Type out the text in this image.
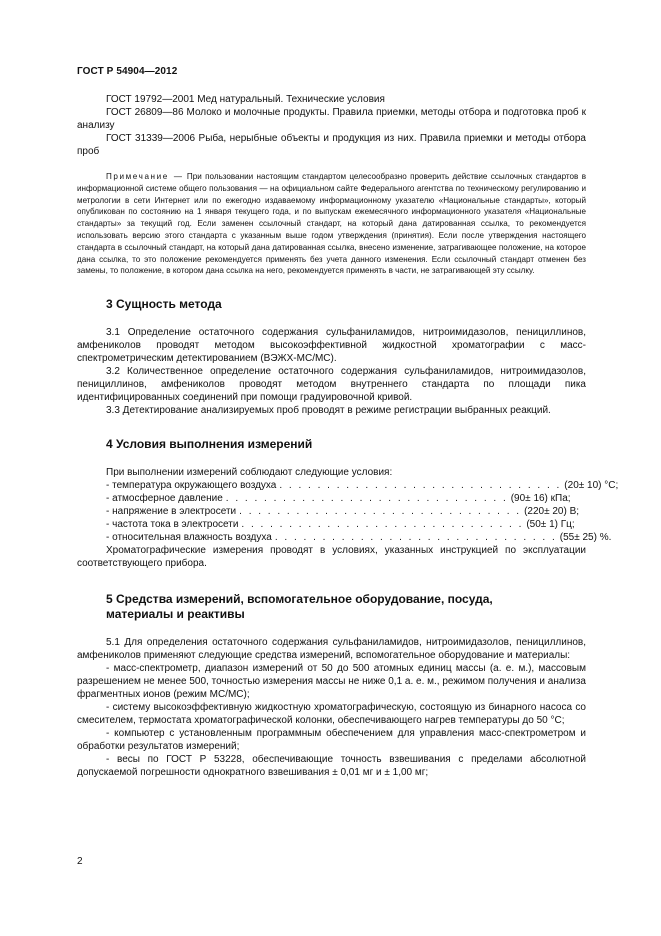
ГОСТ Р 54904—2012

ГОСТ 19792—2001 Мед натуральный. Технические условия

ГОСТ 26809—86 Молоко и молочные продукты. Правила приемки, методы отбора и подготовка проб к анализу

ГОСТ 31339—2006 Рыба, нерыбные объекты и продукция из них. Правила приемки и методы отбора проб

Примечание — При пользовании настоящим стандартом целесообразно проверить действие ссылочных стандартов в информационной системе общего пользования — на официальном сайте Федерального агентства по техническому регулированию и метрологии в сети Интернет или по ежегодно издаваемому информационному указателю «Национальные стандарты», который опубликован по состоянию на 1 января текущего года, и по выпускам ежемесячного информационного указателя «Национальные стандарты» за текущий год. Если заменен ссылочный стандарт, на который дана датированная ссылка, то рекомендуется использовать версию этого стандарта с указанным выше годом утверждения (принятия). Если после утверждения настоящего стандарта в ссылочный стандарт, на который дана датированная ссылка, внесено изменение, затрагивающее положение, на которое дана ссылка, то это положение рекомендуется применять без учета данного изменения. Если ссылочный стандарт отменен без замены, то положение, в котором дана ссылка на него, рекомендуется применять в части, не затрагивающей эту ссылку.

3 Сущность метода

3.1 Определение остаточного содержания сульфаниламидов, нитроимидазолов, пенициллинов, амфениколов проводят методом высокоэффективной жидкостной хроматографии с масс-спектрометрическим детектированием (ВЭЖХ-МС/МС).

3.2 Количественное определение остаточного содержания сульфаниламидов, нитроимидазолов, пенициллинов, амфениколов проводят методом внутреннего стандарта по площади пика идентифицированных соединений при помощи градуировочной кривой.

3.3 Детектирование анализируемых проб проводят в режиме регистрации выбранных реакций.

4 Условия выполнения измерений

При выполнении измерений соблюдают следующие условия:

- температура окружающего воздуха . . . . . . . . . . . . . . . . . . . . . . . . . . . . . . (20± 10) °С;
- атмосферное давление . . . . . . . . . . . . . . . . . . . . . . . . . . . . . . (90± 16) кПа;
- напряжение в электросети . . . . . . . . . . . . . . . . . . . . . . . . . . . . . . (220± 20) В;
- частота тока в электросети . . . . . . . . . . . . . . . . . . . . . . . . . . . . . . (50± 1) Гц;
- относительная влажность воздуха . . . . . . . . . . . . . . . . . . . . . . . . . . . . . . (55± 25) %.

Хроматографические измерения проводят в условиях, указанных инструкцией по эксплуатации соответствующего прибора.

5 Средства измерений, вспомогательное оборудование, посуда,
материалы и реактивы

5.1 Для определения остаточного содержания сульфаниламидов, нитроимидазолов, пенициллинов, амфениколов применяют следующие средства измерений, вспомогательное оборудование и материалы:

- масс-спектрометр, диапазон измерений от 50 до 500 атомных единиц массы (а. е. м.), массовым разрешением не менее 500, точностью измерения массы не ниже 0,1 а. е. м., режимом получения и анализа фрагментных ионов (режим МС/МС);

- систему высокоэффективную жидкостную хроматографическую, состоящую из бинарного насоса со смесителем, термостата хроматографической колонки, обеспечивающего нагрев температуры до 50 °С;

- компьютер с установленным программным обеспечением для управления масс-спектрометром и обработки результатов измерений;

- весы по ГОСТ Р 53228, обеспечивающие точность взвешивания с пределами абсолютной допускаемой погрешности однократного взвешивания ± 0,01 мг и ± 1,00 мг;

2
